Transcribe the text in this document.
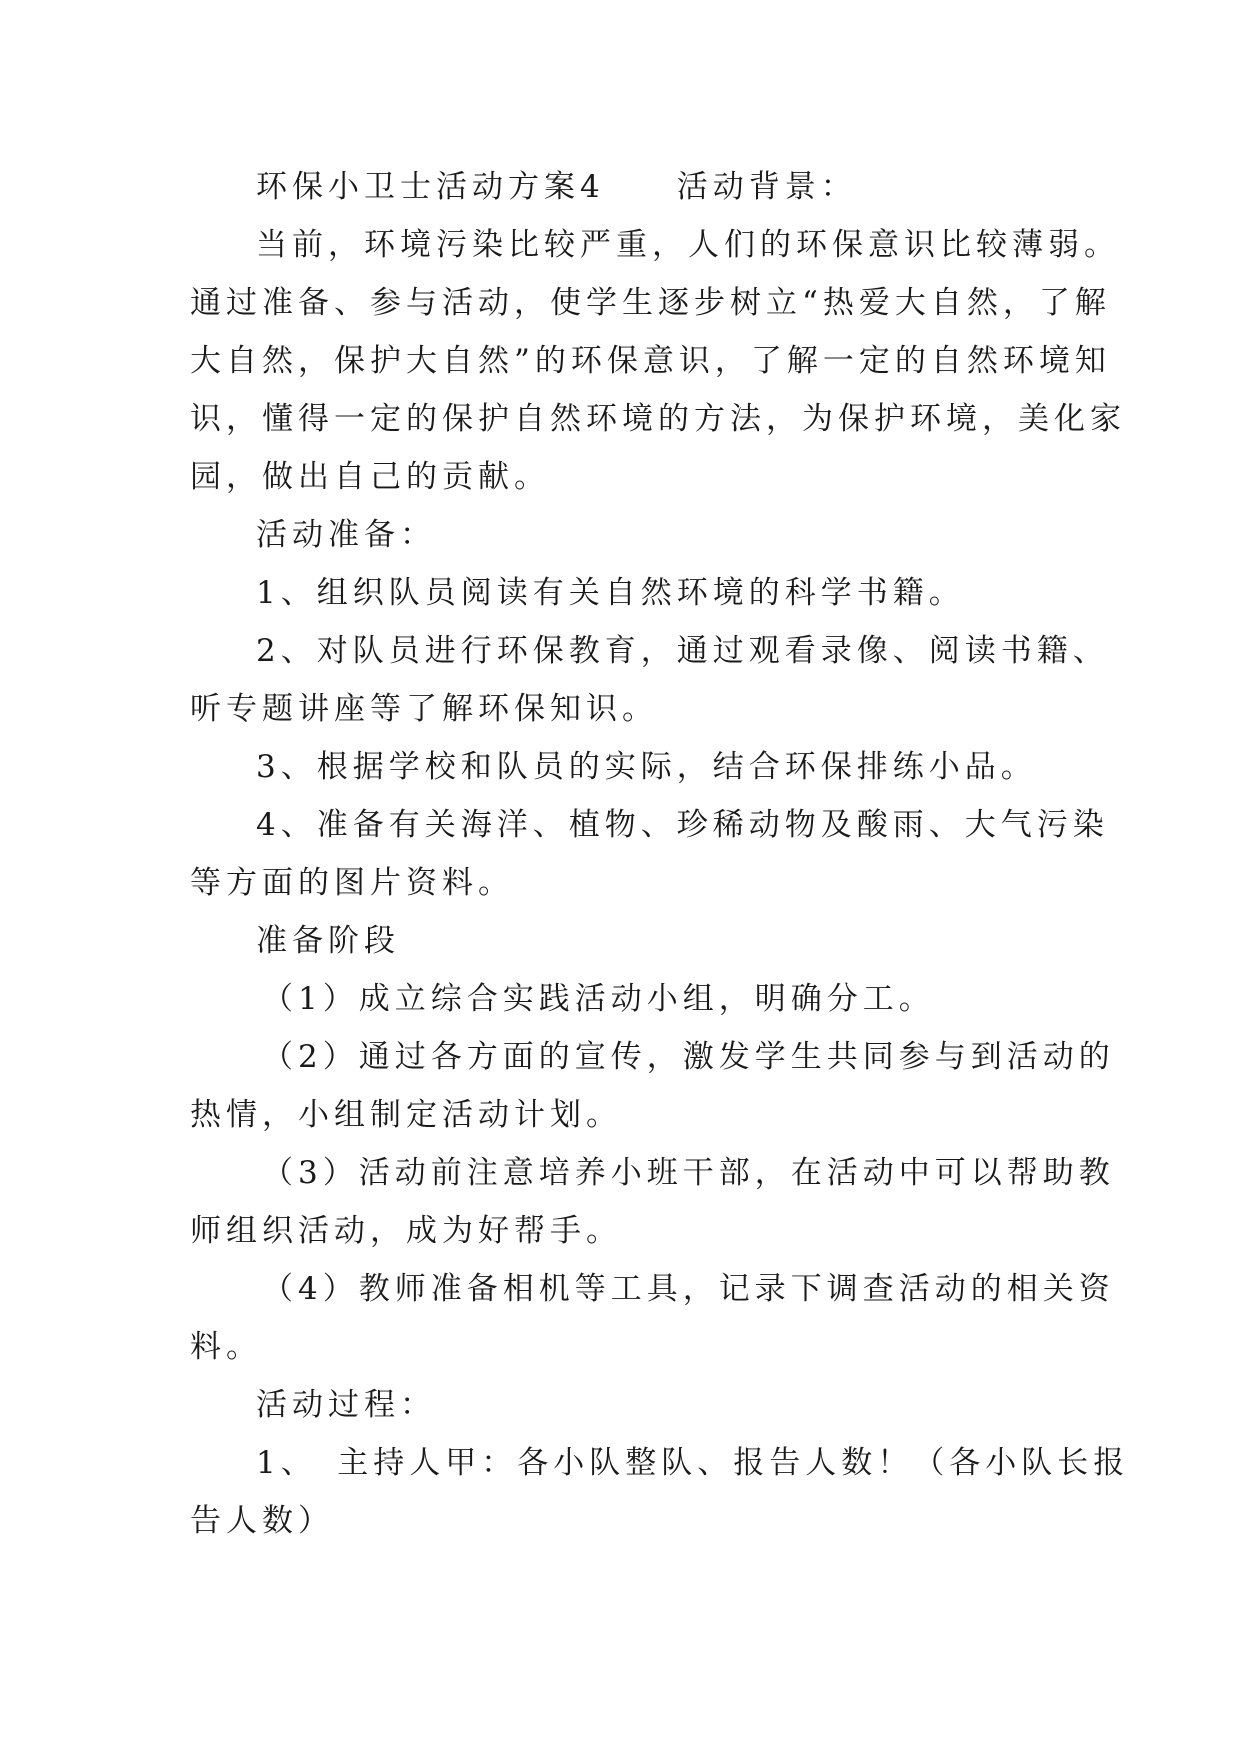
环保小卫士活动方案4　　活动背景：
当前，环境污染比较严重，人们的环保意识比较薄弱。
通过准备、参与活动，使学生逐步树立“热爱大自然，了解
大自然，保护大自然”的环保意识，了解一定的自然环境知
识，懂得一定的保护自然环境的方法，为保护环境，美化家
园，做出自己的贡献。
活动准备：
1、组织队员阅读有关自然环境的科学书籍。
2、对队员进行环保教育，通过观看录像、阅读书籍、
听专题讲座等了解环保知识。
3、根据学校和队员的实际，结合环保排练小品。
4、准备有关海洋、植物、珍稀动物及酸雨、大气污染
等方面的图片资料。
准备阶段
（1）成立综合实践活动小组，明确分工。
（2）通过各方面的宣传，激发学生共同参与到活动的
热情，小组制定活动计划。
（3）活动前注意培养小班干部，在活动中可以帮助教
师组织活动，成为好帮手。
（4）教师准备相机等工具，记录下调查活动的相关资
料。
活动过程：
1、　主持人甲：各小队整队、报告人数！（各小队长报
告人数）
